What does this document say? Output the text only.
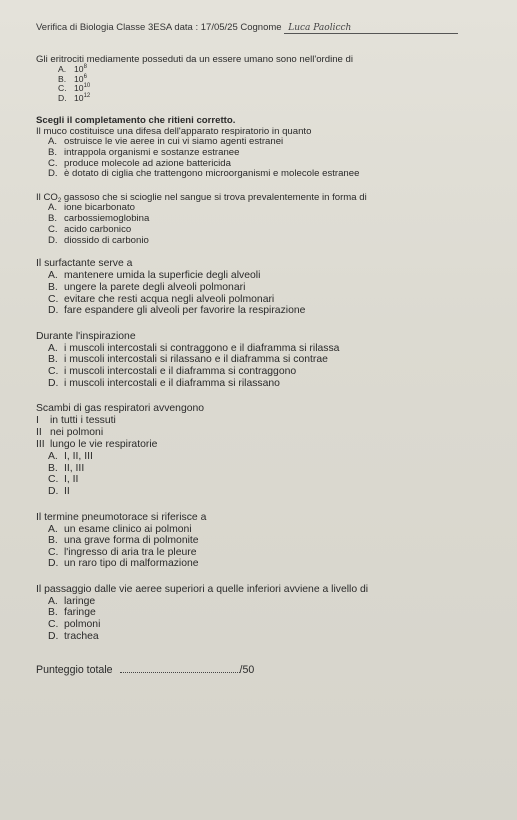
Verifica di Biologia Classe 3ESA data : 17/05/25 Cognome Luca Paolicch
Gli eritrociti mediamente posseduti da un essere umano sono nell'ordine di
A. $10^8$
B. $10^6$
C. $10^{10}$
D. $10^{12}$
Scegli il completamento che ritieni corretto.
Il muco costituisce una difesa dell'apparato respiratorio in quanto
A. ostruisce le vie aeree in cui vi siamo agenti estranei
B. intrappola organismi e sostanze estranee
C. produce molecole ad azione battericida
D. è dotato di ciglia che trattengono microorganismi e molecole estranee
Il $CO_2$ gassoso che si scioglie nel sangue si trova prevalentemente in forma di
A. ione bicarbonato
B. carbossiemoglobina
C. acido carbonico
D. diossido di carbonio
Il surfactante serve a
A. mantenere umida la superficie degli alveoli
B. ungere la parete degli alveoli polmonari
C. evitare che resti acqua negli alveoli polmonari
D. fare espandere gli alveoli per favorire la respirazione
Durante l'inspirazione
A. i muscoli intercostali si contraggono e il diaframma si rilassa
B. i muscoli intercostali si rilassano e il diaframma si contrae
C. i muscoli intercostali e il diaframma si contraggono
D. i muscoli intercostali e il diaframma si rilassano
Scambi di gas respiratori avvengono
I in tutti i tessuti
II nei polmoni
III lungo le vie respiratorie
A. I, II, III
B. II, III
C. I, II
D. II
Il termine pneumotorace si riferisce a
A. un esame clinico ai polmoni
B. una grave forma di polmonite
C. l'ingresso di aria tra le pleure
D. un raro tipo di malformazione
Il passaggio dalle vie aeree superiori a quelle inferiori avviene a livello di
A. laringe
B. faringe
C. polmoni
D. trachea
Punteggio totale	/50
